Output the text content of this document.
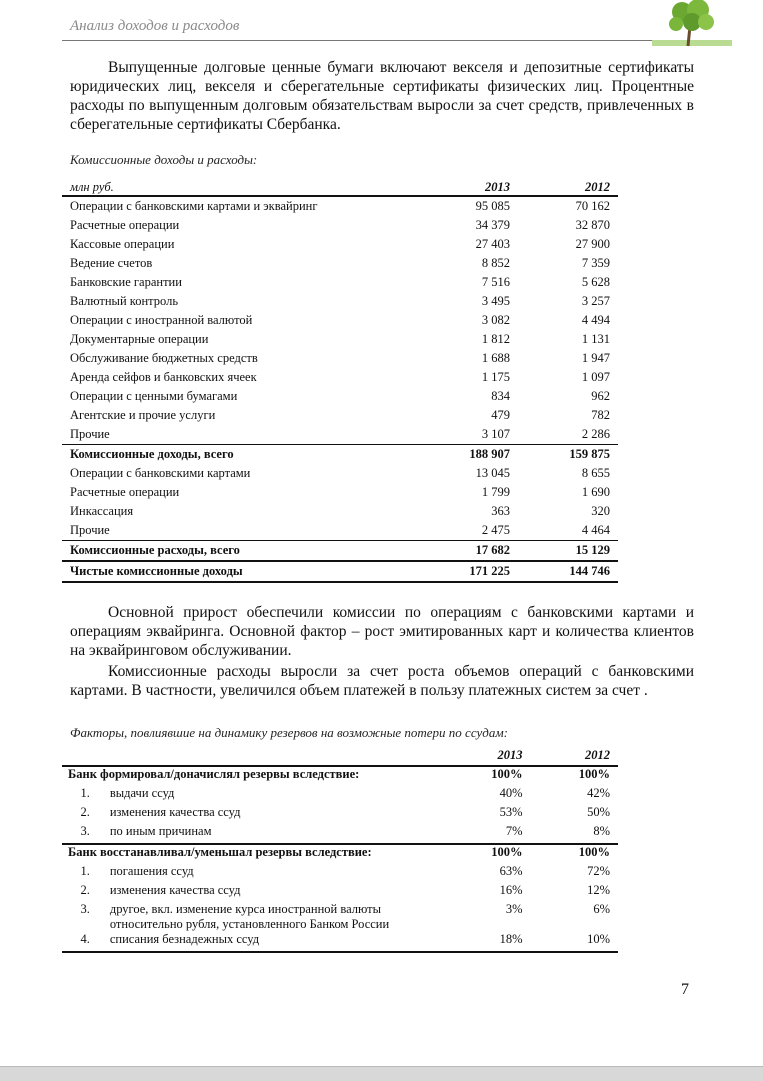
Анализ доходов и расходов

Выпущенные долговые ценные бумаги включают векселя и депозитные сертификаты юридических лиц, векселя и сберегательные сертификаты физических лиц. Процентные расходы по выпущенным долговым обязательствам выросли за счет средств, привлеченных в сберегательные сертификаты Сбербанка.

Комиссионные доходы и расходы:
млн руб.	2013	2012
Операции с банковскими картами и эквайринг	95 085	70 162
Расчетные операции	34 379	32 870
Кассовые операции	27 403	27 900
Ведение счетов	8 852	7 359
Банковские гарантии	7 516	5 628
Валютный контроль	3 495	3 257
Операции с иностранной валютой	3 082	4 494
Документарные операции	1 812	1 131
Обслуживание бюджетных средств	1 688	1 947
Аренда сейфов и банковских ячеек	1 175	1 097
Операции с ценными бумагами	834	962
Агентские и прочие услуги	479	782
Прочие	3 107	2 286
Комиссионные доходы, всего	188 907	159 875
Операции с банковскими картами	13 045	8 655
Расчетные операции	1 799	1 690
Инкассация	363	320
Прочие	2 475	4 464
Комиссионные расходы, всего	17 682	15 129
Чистые комиссионные доходы	171 225	144 746

Основной прирост обеспечили комиссии по операциям с банковскими картами и операциям эквайринга. Основной фактор – рост эмитированных карт и количества клиентов на эквайринговом обслуживании.

Комиссионные расходы выросли за счет роста объемов операций с банковскими картами. В частности, увеличился объем платежей в пользу платежных систем за счет .

Факторы, повлиявшие на динамику резервов на возможные потери по ссудам:
		2013	2012
Банк формировал/доначислял резервы вследствие:		100%	100%
1.	выдачи ссуд	40%	42%
2.	изменения качества ссуд	53%	50%
3.	по иным причинам	7%	8%
Банк восстанавливал/уменьшал резервы вследствие:		100%	100%
1.	погашения ссуд	63%	72%
2.	изменения качества ссуд	16%	12%
3.	другое, вкл. изменение курса иностранной валюты
относительно рубля, установленного Банком России	3%	6%
4.	списания безнадежных ссуд	18%	10%
7
